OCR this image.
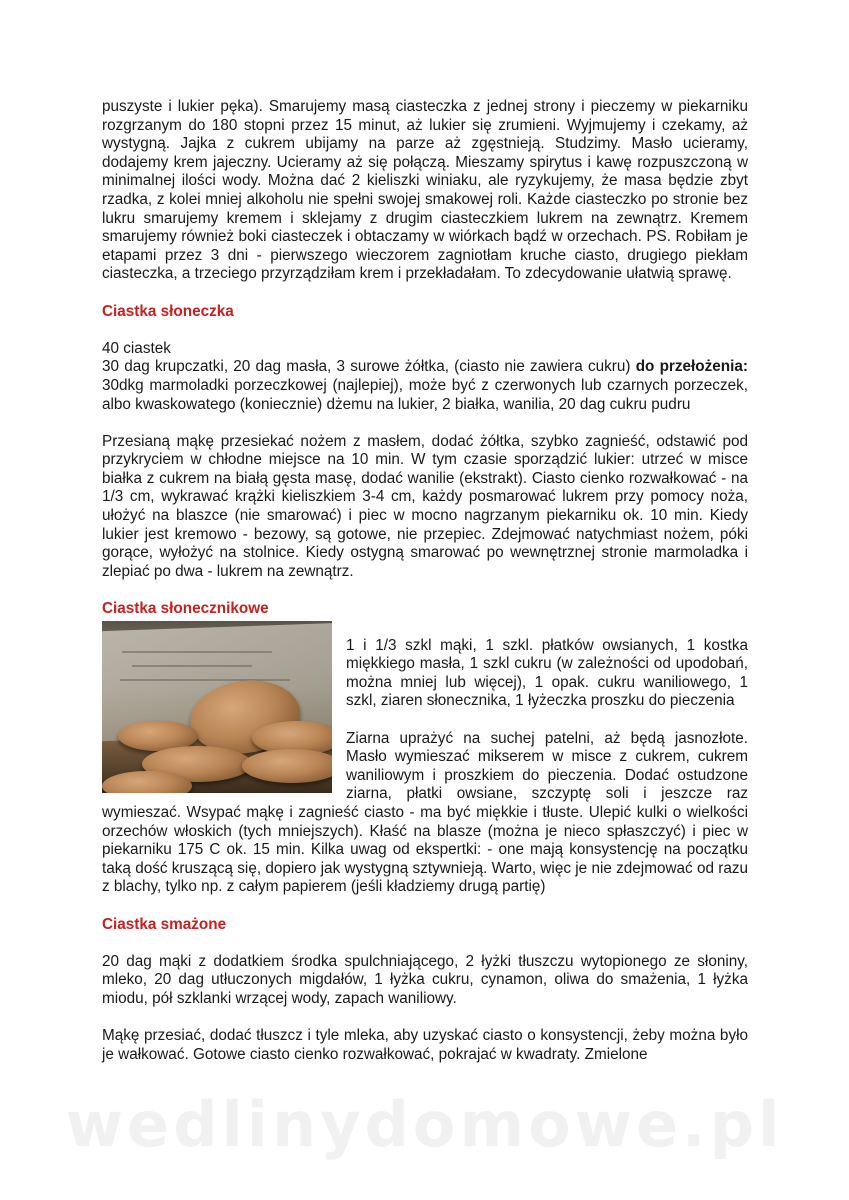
puszyste i lukier pęka). Smarujemy masą ciasteczka z jednej strony i pieczemy w piekarniku rozgrzanym do 180 stopni przez 15 minut, aż lukier się zrumieni. Wyjmujemy i czekamy, aż wystygną. Jajka z cukrem ubijamy na parze aż zgęstnieją. Studzimy. Masło ucieramy, dodajemy krem jajeczny. Ucieramy aż się połączą. Mieszamy spirytus i kawę rozpuszczoną w minimalnej ilości wody. Można dać 2 kieliszki winiaku, ale ryzykujemy, że masa będzie zbyt rzadka, z kolei mniej alkoholu nie spełni swojej smakowej roli. Każde ciasteczko po stronie bez lukru smarujemy kremem i sklejamy z drugim ciasteczkiem lukrem na zewnątrz. Kremem smarujemy również boki ciasteczek i obtaczamy w wiórkach bądź w orzechach. PS. Robiłam je etapami przez 3 dni - pierwszego wieczorem zagniotłam kruche ciasto, drugiego piekłam ciasteczka, a trzeciego przyrządziłam krem i przekładałam. To zdecydowanie ułatwią sprawę.

Ciastka słoneczka

40 ciastek

30 dag krupczatki, 20 dag masła, 3 surowe żółtka, (ciasto nie zawiera cukru) do przełożenia: 30dkg marmoladki porzeczkowej (najlepiej), może być z czerwonych lub czarnych porzeczek, albo kwaskowatego (koniecznie) dżemu na lukier, 2 białka, wanilia, 20 dag cukru pudru

Przesianą mąkę przesiekać nożem z masłem, dodać żółtka, szybko zagnieść, odstawić pod przykryciem w chłodne miejsce na 10 min. W tym czasie sporządzić lukier: utrzeć w misce białka z cukrem na białą gęsta masę, dodać wanilie (ekstrakt). Ciasto cienko rozwałkować - na 1/3 cm, wykrawać krążki kieliszkiem 3-4 cm, każdy posmarować lukrem przy pomocy noża, ułożyć na blaszce (nie smarować) i piec w mocno nagrzanym piekarniku ok. 10 min. Kiedy lukier jest kremowo - bezowy, są gotowe, nie przepiec. Zdejmować natychmiast nożem, póki gorące, wyłożyć na stolnice. Kiedy ostygną smarować po wewnętrznej stronie marmoladka i zlepiać po dwa - lukrem na zewnątrz.

Ciastka słonecznikowe

1 i 1/3 szkl mąki, 1 szkl. płatków owsianych, 1 kostka miękkiego masła, 1 szkl cukru (w zależności od upodobań, można mniej lub więcej), 1 opak. cukru waniliowego, 1 szkl, ziaren słonecznika, 1 łyżeczka proszku do pieczenia

Ziarna uprażyć na suchej patelni, aż będą jasnozłote. Masło wymieszać mikserem w misce z cukrem, cukrem waniliowym i proszkiem do pieczenia. Dodać ostudzone ziarna, płatki owsiane, szczyptę soli i jeszcze raz wymieszać. Wsypać mąkę i zagnieść ciasto - ma być miękkie i tłuste. Ulepić kulki o wielkości orzechów włoskich (tych mniejszych). Kłaść na blasze (można je nieco spłaszczyć) i piec w piekarniku 175 C ok. 15 min. Kilka uwag od ekspertki: - one mają konsystencję na początku taką dość kruszącą się, dopiero jak wystygną sztywnieją. Warto, więc je nie zdejmować od razu z blachy, tylko np. z całym papierem (jeśli kładziemy drugą partię)

Ciastka smażone

20 dag mąki z dodatkiem środka spulchniającego, 2 łyżki tłuszczu wytopionego ze słoniny, mleko, 20 dag utłuczonych migdałów, 1 łyżka cukru, cynamon, oliwa do smażenia, 1 łyżka miodu, pół szklanki wrzącej wody, zapach waniliowy.

Mąkę przesiać, dodać tłuszcz i tyle mleka, aby uzyskać ciasto o konsystencji, żeby można było je wałkować. Gotowe ciasto cienko rozwałkować, pokrajać w kwadraty. Zmielone

wedlinydomowe.pl
